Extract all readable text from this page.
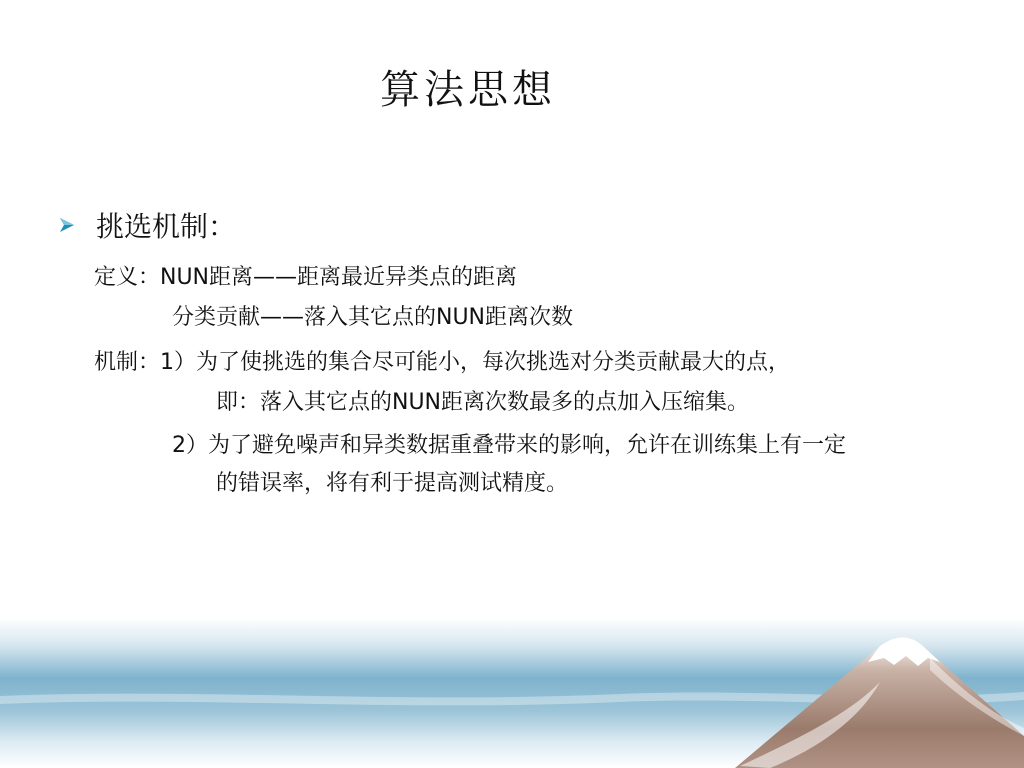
算法思想
挑选机制：
定义：NUN距离——距离最近异类点的距离
分类贡献——落入其它点的NUN距离次数
机制：1）为了使挑选的集合尽可能小，每次挑选对分类贡献最大的点，
即：落入其它点的NUN距离次数最多的点加入压缩集。
2）为了避免噪声和异类数据重叠带来的影响，允许在训练集上有一定
的错误率，将有利于提高测试精度。
